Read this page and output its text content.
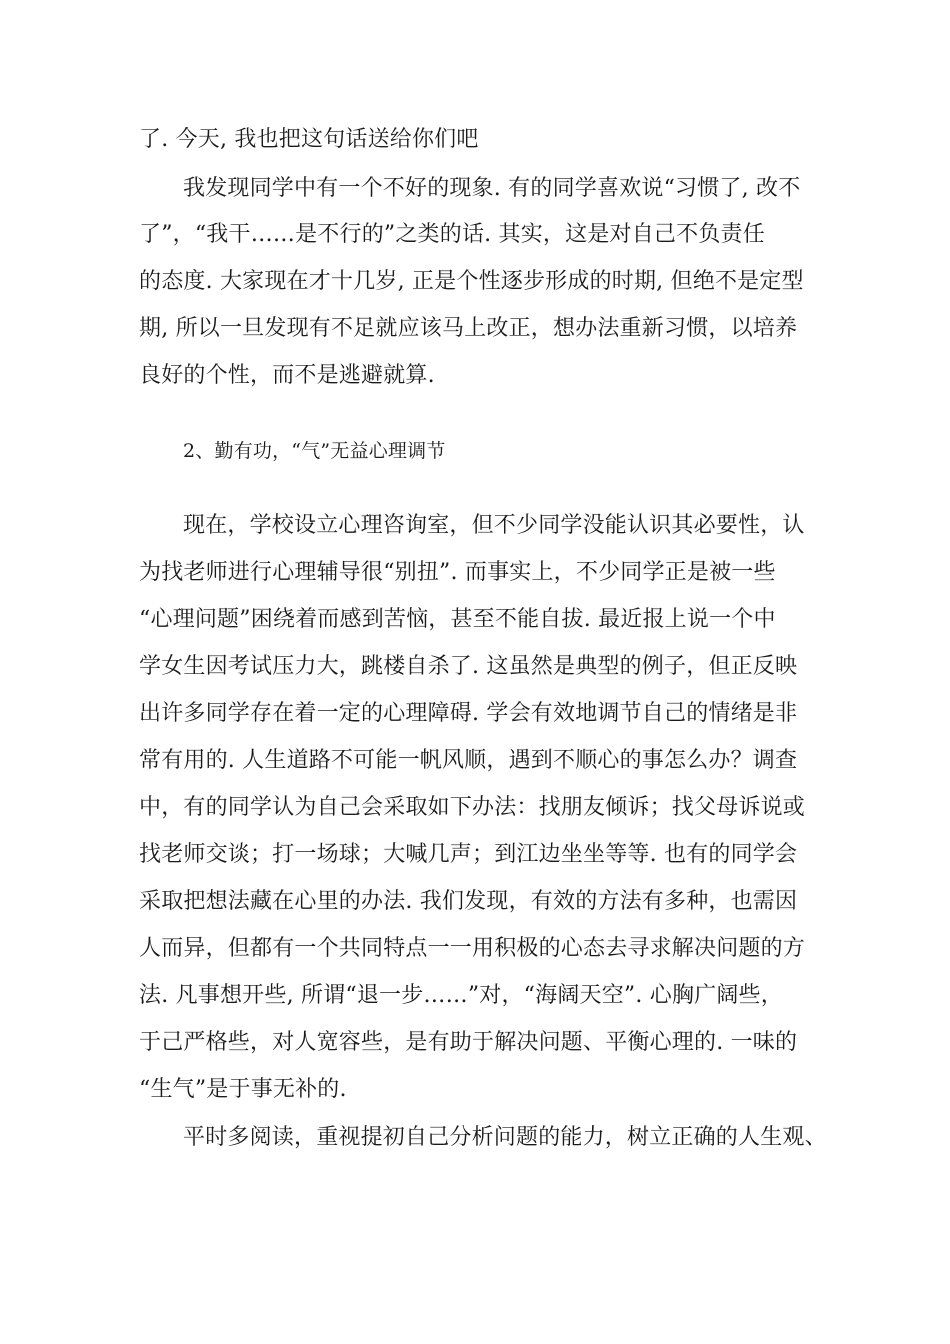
了. 今天, 我也把这句话送给你们吧
我发现同学中有一个不好的现象. 有的同学喜欢说“习惯了, 改不
了”，“我干……是不行的”之类的话. 其实，这是对自己不负责任
的态度. 大家现在才十几岁, 正是个性逐步形成的时期, 但绝不是定型
期, 所以一旦发现有不足就应该马上改正，想办法重新习惯，以培养
良好的个性，而不是逃避就算.
2、勤有功，“气”无益心理调节
现在，学校设立心理咨询室，但不少同学没能认识其必要性，认
为找老师进行心理辅导很“别扭”. 而事实上，不少同学正是被一些
“心理问题”困绕着而感到苦恼，甚至不能自拔. 最近报上说一个中
学女生因考试压力大，跳楼自杀了. 这虽然是典型的例子，但正反映
出许多同学存在着一定的心理障碍. 学会有效地调节自己的情绪是非
常有用的. 人生道路不可能一帆风顺，遇到不顺心的事怎么办？调查
中，有的同学认为自己会采取如下办法：找朋友倾诉；找父母诉说或
找老师交谈；打一场球；大喊几声；到江边坐坐等等. 也有的同学会
采取把想法藏在心里的办法. 我们发现，有效的方法有多种，也需因
人而异，但都有一个共同特点一一用积极的心态去寻求解决问题的方
法. 凡事想开些, 所谓“退一步……”对，“海阔天空”. 心胸广阔些，
于己严格些，对人宽容些，是有助于解决问题、平衡心理的. 一味的
“生气”是于事无补的.
平时多阅读，重视提初自己分析问题的能力，树立正确的人生观、
